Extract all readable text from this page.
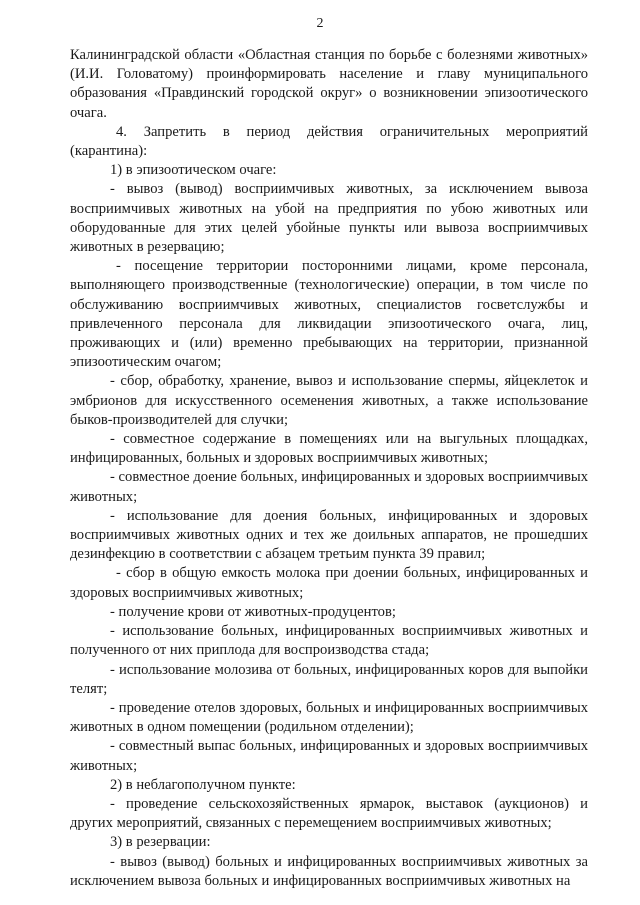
2

Калининградской области «Областная станция по борьбе с болезнями животных» (И.И. Головатому) проинформировать население и главу муниципального образования «Правдинский городской округ» о возникновении эпизоотического очага.

4. Запретить в период действия ограничительных мероприятий (карантина):

1) в эпизоотическом очаге:

- вывоз (вывод) восприимчивых животных, за исключением вывоза восприимчивых животных на убой на предприятия по убою животных или оборудованные для этих целей убойные пункты или вывоза восприимчивых животных в резервацию;

- посещение территории посторонними лицами, кроме персонала, выполняющего производственные (технологические) операции, в том числе по обслуживанию восприимчивых животных, специалистов госветслужбы и привлеченного персонала для ликвидации эпизоотического очага, лиц, проживающих и (или) временно пребывающих на территории, признанной эпизоотическим очагом;

- сбор, обработку, хранение, вывоз и использование спермы, яйцеклеток и эмбрионов для искусственного осеменения животных, а также использование быков-производителей для случки;

- совместное содержание в помещениях или на выгульных площадках, инфицированных, больных и здоровых восприимчивых животных;

- совместное доение больных, инфицированных и здоровых восприимчивых животных;

- использование для доения больных, инфицированных и здоровых восприимчивых животных одних и тех же доильных аппаратов, не прошедших дезинфекцию в соответствии с абзацем третьим пункта 39 правил;

- сбор в общую емкость молока при доении больных, инфицированных и здоровых восприимчивых животных;

- получение крови от животных-продуцентов;

- использование больных, инфицированных восприимчивых животных и полученного от них приплода для воспроизводства стада;

- использование молозива от больных, инфицированных коров для выпойки телят;

- проведение отелов здоровых, больных и инфицированных восприимчивых животных в одном помещении (родильном отделении);

- совместный выпас больных, инфицированных и здоровых восприимчивых животных;

2) в неблагополучном пункте:

- проведение сельскохозяйственных ярмарок, выставок (аукционов) и других мероприятий, связанных с перемещением восприимчивых животных;

3) в резервации:

- вывоз (вывод) больных и инфицированных восприимчивых животных за исключением вывоза больных и инфицированных восприимчивых животных на
